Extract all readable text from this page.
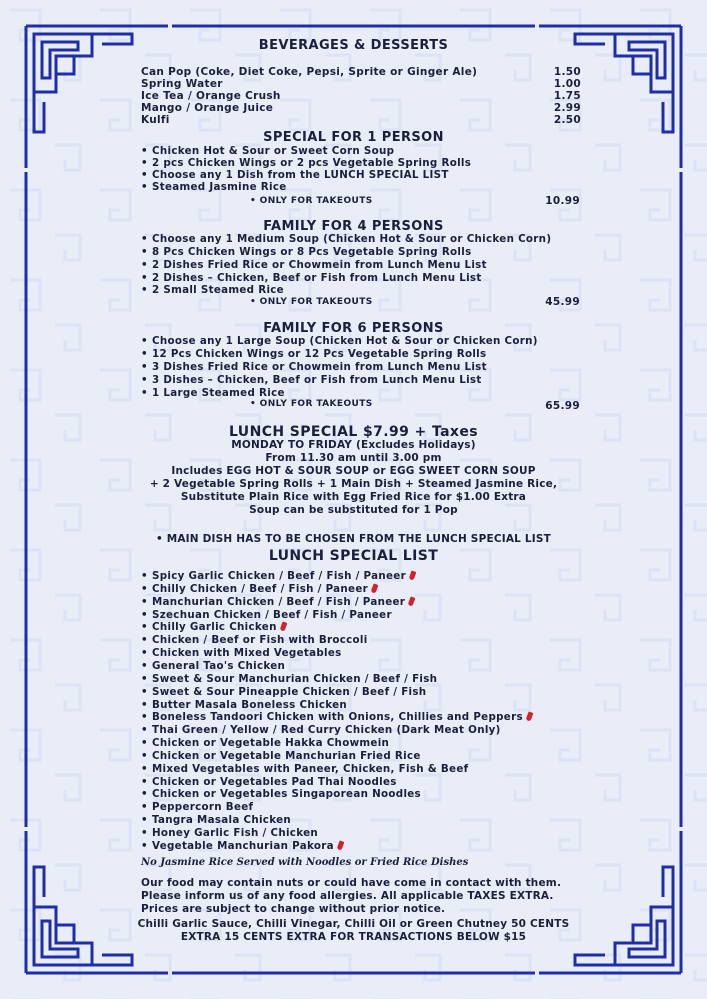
BEVERAGES & DESSERTS
Can Pop (Coke, Diet Coke, Pepsi, Sprite or Ginger Ale)	1.50
Spring Water	1.00
Ice Tea / Orange Crush	1.75
Mango / Orange Juice	2.99
Kulfi	2.50
SPECIAL FOR 1 PERSON
• Chicken Hot & Sour or Sweet Corn Soup
• 2 pcs Chicken Wings or 2 pcs Vegetable Spring Rolls
• Choose any 1 Dish from the LUNCH SPECIAL LIST
• Steamed Jasmine Rice
• ONLY FOR TAKEOUTS	10.99
FAMILY FOR 4 PERSONS
• Choose any 1 Medium Soup (Chicken Hot & Sour or Chicken Corn)
• 8 Pcs Chicken Wings or 8 Pcs Vegetable Spring Rolls
• 2 Dishes Fried Rice or Chowmein from Lunch Menu List
• 2 Dishes – Chicken, Beef or Fish from Lunch Menu List
• 2 Small Steamed Rice
• ONLY FOR TAKEOUTS	45.99
FAMILY FOR 6 PERSONS
• Choose any 1 Large Soup (Chicken Hot & Sour or Chicken Corn)
• 12 Pcs Chicken Wings or 12 Pcs Vegetable Spring Rolls
• 3 Dishes Fried Rice or Chowmein from Lunch Menu List
• 3 Dishes – Chicken, Beef or Fish from Lunch Menu List
• 1 Large Steamed Rice
• ONLY FOR TAKEOUTS	65.99
LUNCH SPECIAL $7.99 + Taxes
MONDAY TO FRIDAY (Excludes Holidays)
From 11.30 am until 3.00 pm
Includes EGG HOT & SOUR SOUP or EGG SWEET CORN SOUP
+ 2 Vegetable Spring Rolls + 1 Main Dish + Steamed Jasmine Rice,
Substitute Plain Rice with Egg Fried Rice for $1.00 Extra
Soup can be substituted for 1 Pop
• MAIN DISH HAS TO BE CHOSEN FROM THE LUNCH SPECIAL LIST
LUNCH SPECIAL LIST
• Spicy Garlic Chicken / Beef / Fish / Paneer
• Chilly Chicken / Beef / Fish / Paneer
• Manchurian Chicken / Beef / Fish / Paneer
• Szechuan Chicken / Beef / Fish / Paneer
• Chilly Garlic Chicken
• Chicken / Beef or Fish with Broccoli
• Chicken with Mixed Vegetables
• General Tao's Chicken
• Sweet & Sour Manchurian Chicken / Beef / Fish
• Sweet & Sour Pineapple Chicken / Beef / Fish
• Butter Masala Boneless Chicken
• Boneless Tandoori Chicken with Onions, Chillies and Peppers
• Thai Green / Yellow / Red Curry Chicken (Dark Meat Only)
• Chicken or Vegetable Hakka Chowmein
• Chicken or Vegetable Manchurian Fried Rice
• Mixed Vegetables with Paneer, Chicken, Fish & Beef
• Chicken or Vegetables Pad Thai Noodles
• Chicken or Vegetables Singaporean Noodles
• Peppercorn Beef
• Tangra Masala Chicken
• Honey Garlic Fish / Chicken
• Vegetable Manchurian Pakora
No Jasmine Rice Served with Noodles or Fried Rice Dishes
Our food may contain nuts or could have come in contact with them. Please inform us of any food allergies. All applicable TAXES EXTRA. Prices are subject to change without prior notice.
Chilli Garlic Sauce, Chilli Vinegar, Chilli Oil or Green Chutney 50 CENTS
EXTRA 15 CENTS EXTRA FOR TRANSACTIONS BELOW $15
